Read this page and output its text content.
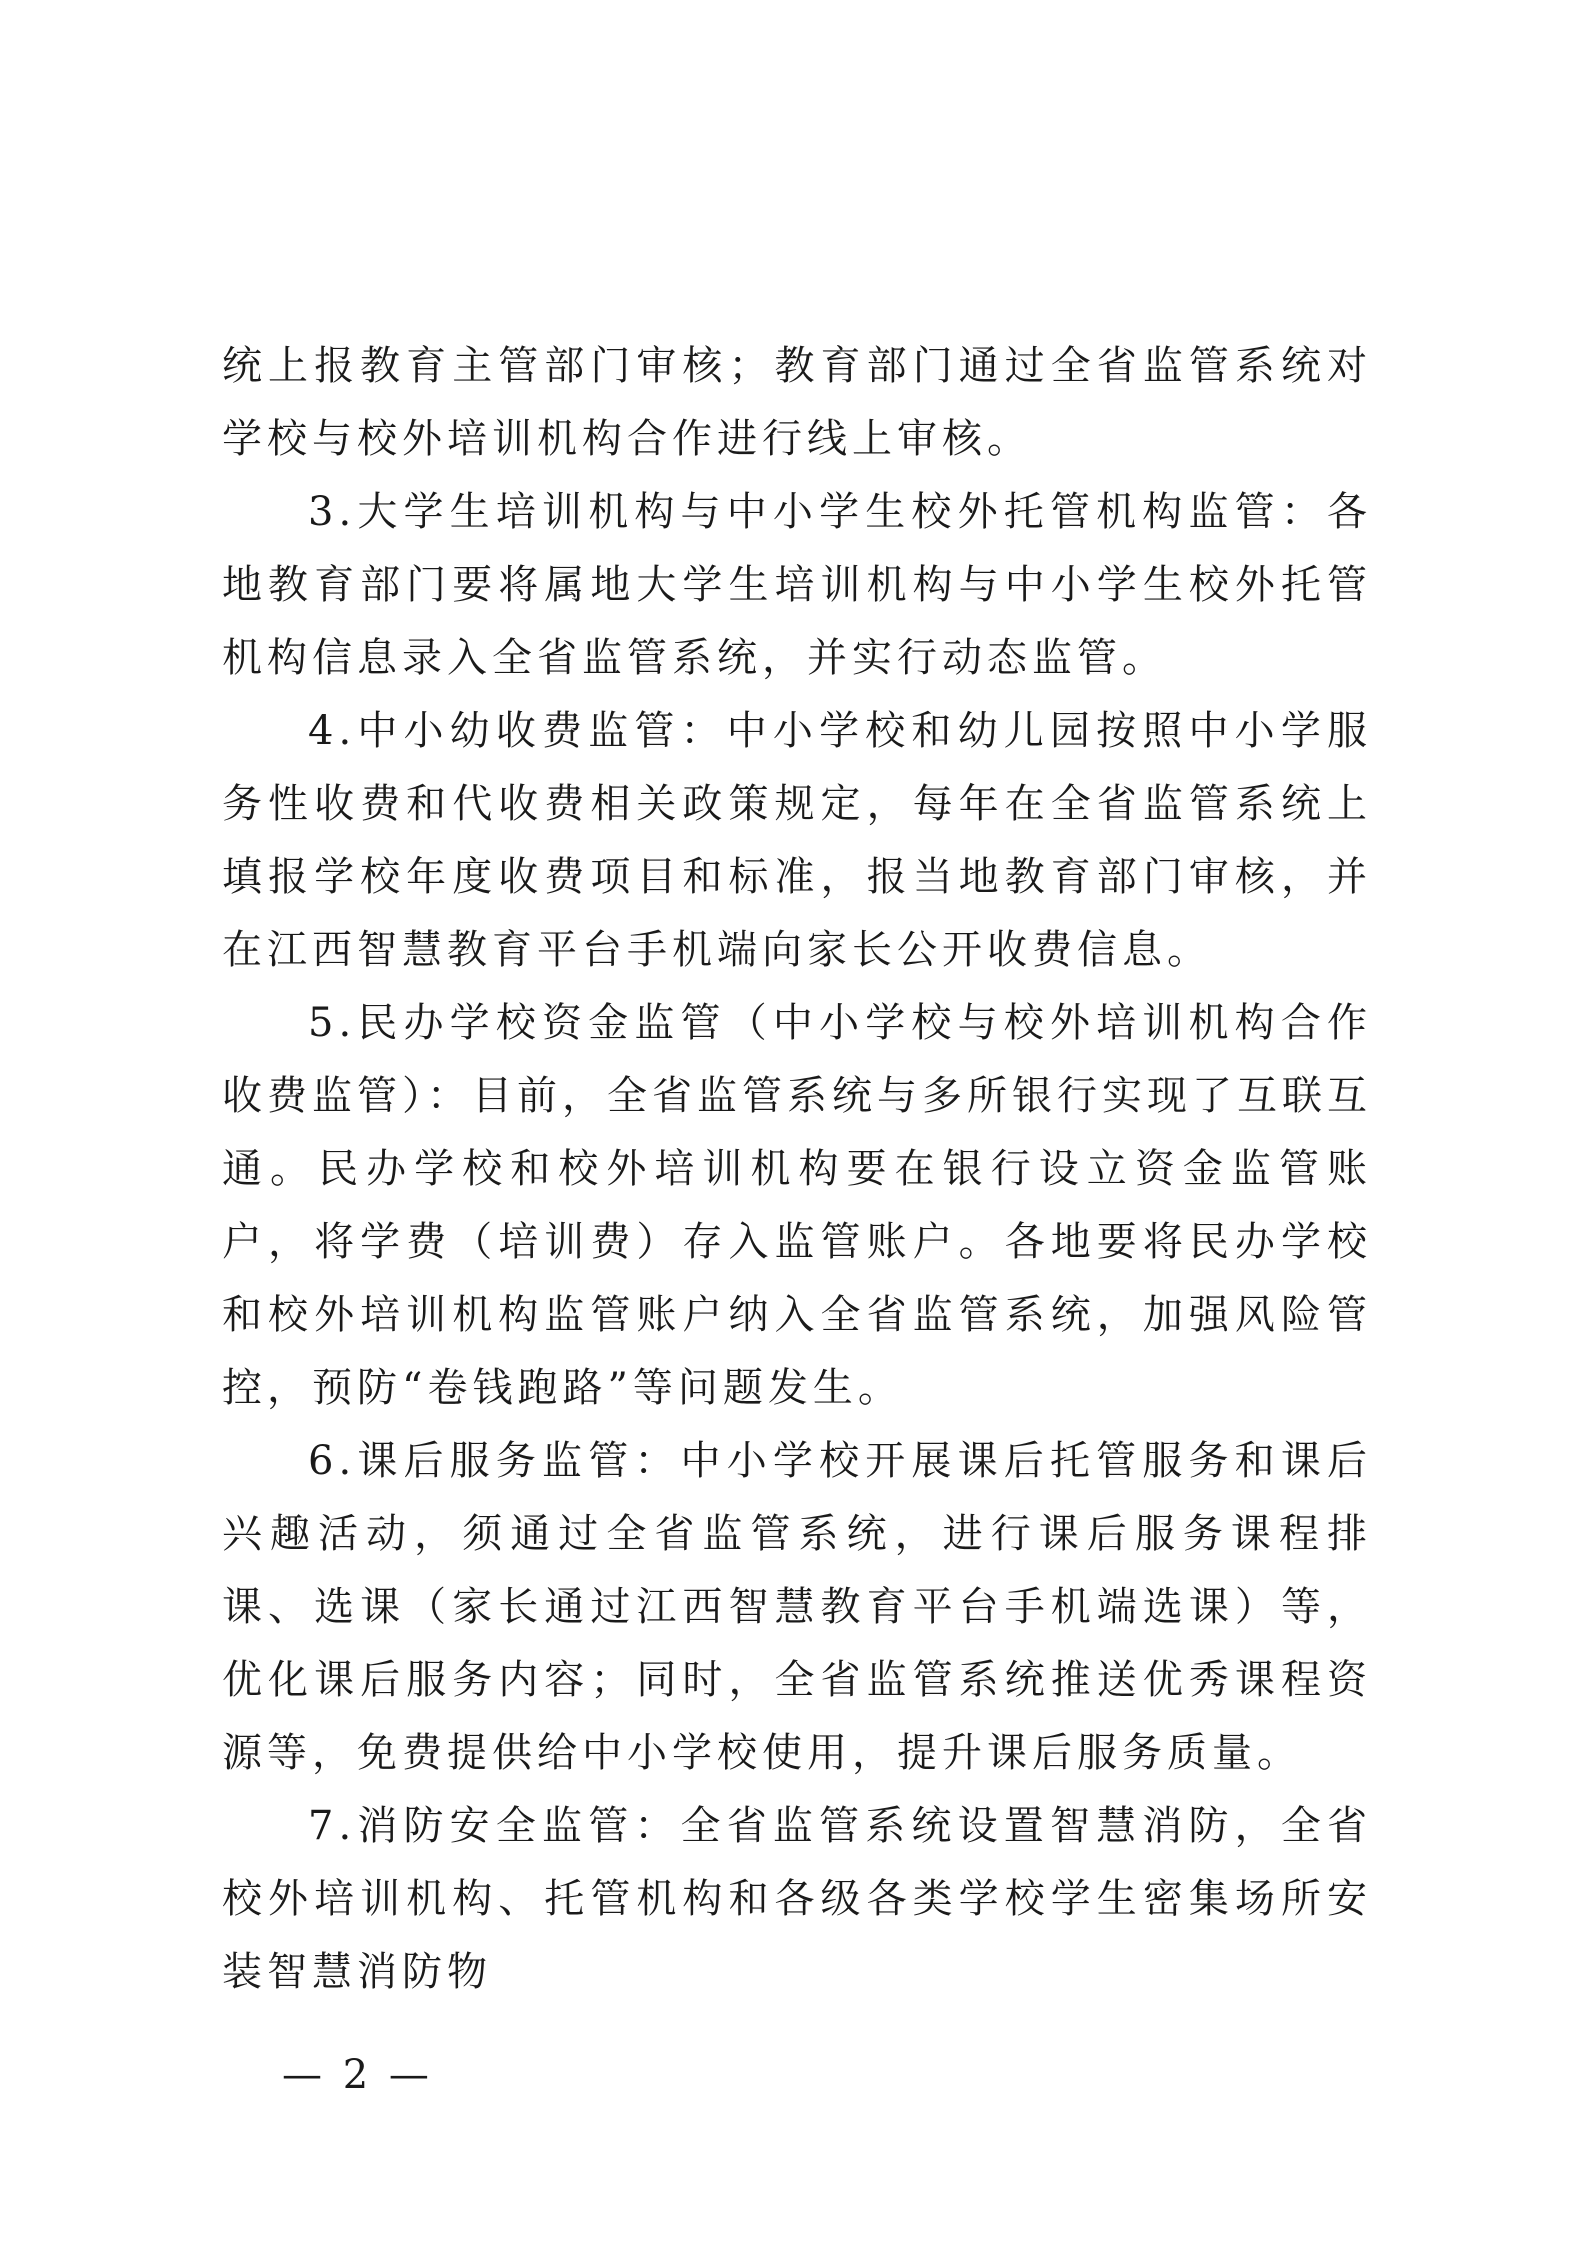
统上报教育主管部门审核；教育部门通过全省监管系统对学校与校外培训机构合作进行线上审核。

3.大学生培训机构与中小学生校外托管机构监管：各地教育部门要将属地大学生培训机构与中小学生校外托管机构信息录入全省监管系统，并实行动态监管。

4.中小幼收费监管：中小学校和幼儿园按照中小学服务性收费和代收费相关政策规定，每年在全省监管系统上填报学校年度收费项目和标准，报当地教育部门审核，并在江西智慧教育平台手机端向家长公开收费信息。

5.民办学校资金监管（中小学校与校外培训机构合作收费监管）：目前，全省监管系统与多所银行实现了互联互通。民办学校和校外培训机构要在银行设立资金监管账户，将学费（培训费）存入监管账户。各地要将民办学校和校外培训机构监管账户纳入全省监管系统，加强风险管控，预防“卷钱跑路”等问题发生。

6.课后服务监管：中小学校开展课后托管服务和课后兴趣活动，须通过全省监管系统，进行课后服务课程排课、选课（家长通过江西智慧教育平台手机端选课）等，优化课后服务内容；同时，全省监管系统推送优秀课程资源等，免费提供给中小学校使用，提升课后服务质量。

7.消防安全监管：全省监管系统设置智慧消防，全省校外培训机构、托管机构和各级各类学校学生密集场所安装智慧消防物

— 2 —
